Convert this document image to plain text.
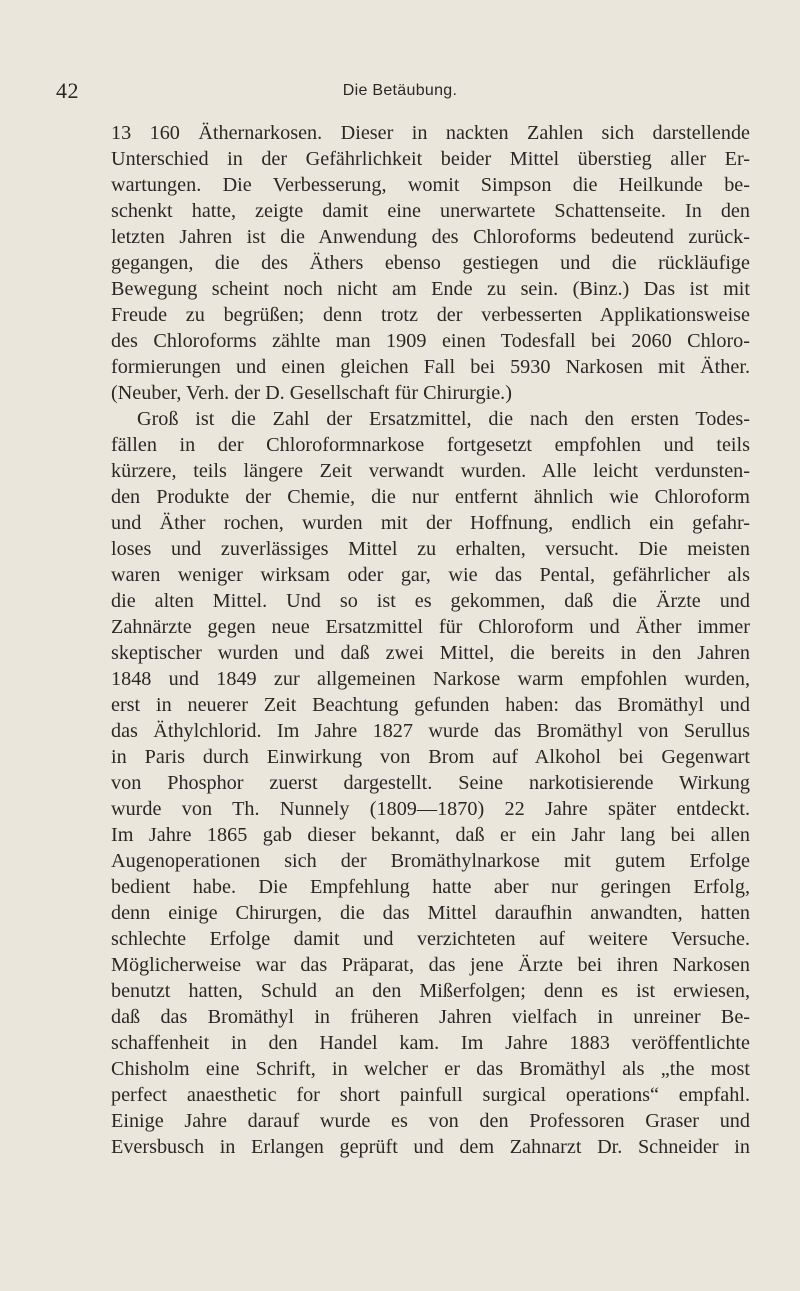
42	Die Betäubung.
13 160 Äthernarkosen. Dieser in nackten Zahlen sich darstellende
Unterschied in der Gefährlichkeit beider Mittel überstieg aller Er-
wartungen. Die Verbesserung, womit Simpson die Heilkunde be-
schenkt hatte, zeigte damit eine unerwartete Schattenseite. In den
letzten Jahren ist die Anwendung des Chloroforms bedeutend zurück-
gegangen, die des Äthers ebenso gestiegen und die rückläufige
Bewegung scheint noch nicht am Ende zu sein. (Binz.) Das ist mit
Freude zu begrüßen; denn trotz der verbesserten Applikationsweise
des Chloroforms zählte man 1909 einen Todesfall bei 2060 Chloro-
formierungen und einen gleichen Fall bei 5930 Narkosen mit Äther.
(Neuber, Verh. der D. Gesellschaft für Chirurgie.)
Groß ist die Zahl der Ersatzmittel, die nach den ersten Todes-
fällen in der Chloroformnarkose fortgesetzt empfohlen und teils
kürzere, teils längere Zeit verwandt wurden. Alle leicht verdunsten-
den Produkte der Chemie, die nur entfernt ähnlich wie Chloroform
und Äther rochen, wurden mit der Hoffnung, endlich ein gefahr-
loses und zuverlässiges Mittel zu erhalten, versucht. Die meisten
waren weniger wirksam oder gar, wie das Pental, gefährlicher als
die alten Mittel. Und so ist es gekommen, daß die Ärzte und
Zahnärzte gegen neue Ersatzmittel für Chloroform und Äther immer
skeptischer wurden und daß zwei Mittel, die bereits in den Jahren
1848 und 1849 zur allgemeinen Narkose warm empfohlen wurden,
erst in neuerer Zeit Beachtung gefunden haben: das Bromäthyl und
das Äthylchlorid. Im Jahre 1827 wurde das Bromäthyl von Serullus
in Paris durch Einwirkung von Brom auf Alkohol bei Gegenwart
von Phosphor zuerst dargestellt. Seine narkotisierende Wirkung
wurde von Th. Nunnely (1809—1870) 22 Jahre später entdeckt.
Im Jahre 1865 gab dieser bekannt, daß er ein Jahr lang bei allen
Augenoperationen sich der Bromäthylnarkose mit gutem Erfolge
bedient habe. Die Empfehlung hatte aber nur geringen Erfolg,
denn einige Chirurgen, die das Mittel daraufhin anwandten, hatten
schlechte Erfolge damit und verzichteten auf weitere Versuche.
Möglicherweise war das Präparat, das jene Ärzte bei ihren Narkosen
benutzt hatten, Schuld an den Mißerfolgen; denn es ist erwiesen,
daß das Bromäthyl in früheren Jahren vielfach in unreiner Be-
schaffenheit in den Handel kam. Im Jahre 1883 veröffentlichte
Chisholm eine Schrift, in welcher er das Bromäthyl als „the most
perfect anaesthetic for short painfull surgical operations“ empfahl.
Einige Jahre darauf wurde es von den Professoren Graser und
Eversbusch in Erlangen geprüft und dem Zahnarzt Dr. Schneider in
